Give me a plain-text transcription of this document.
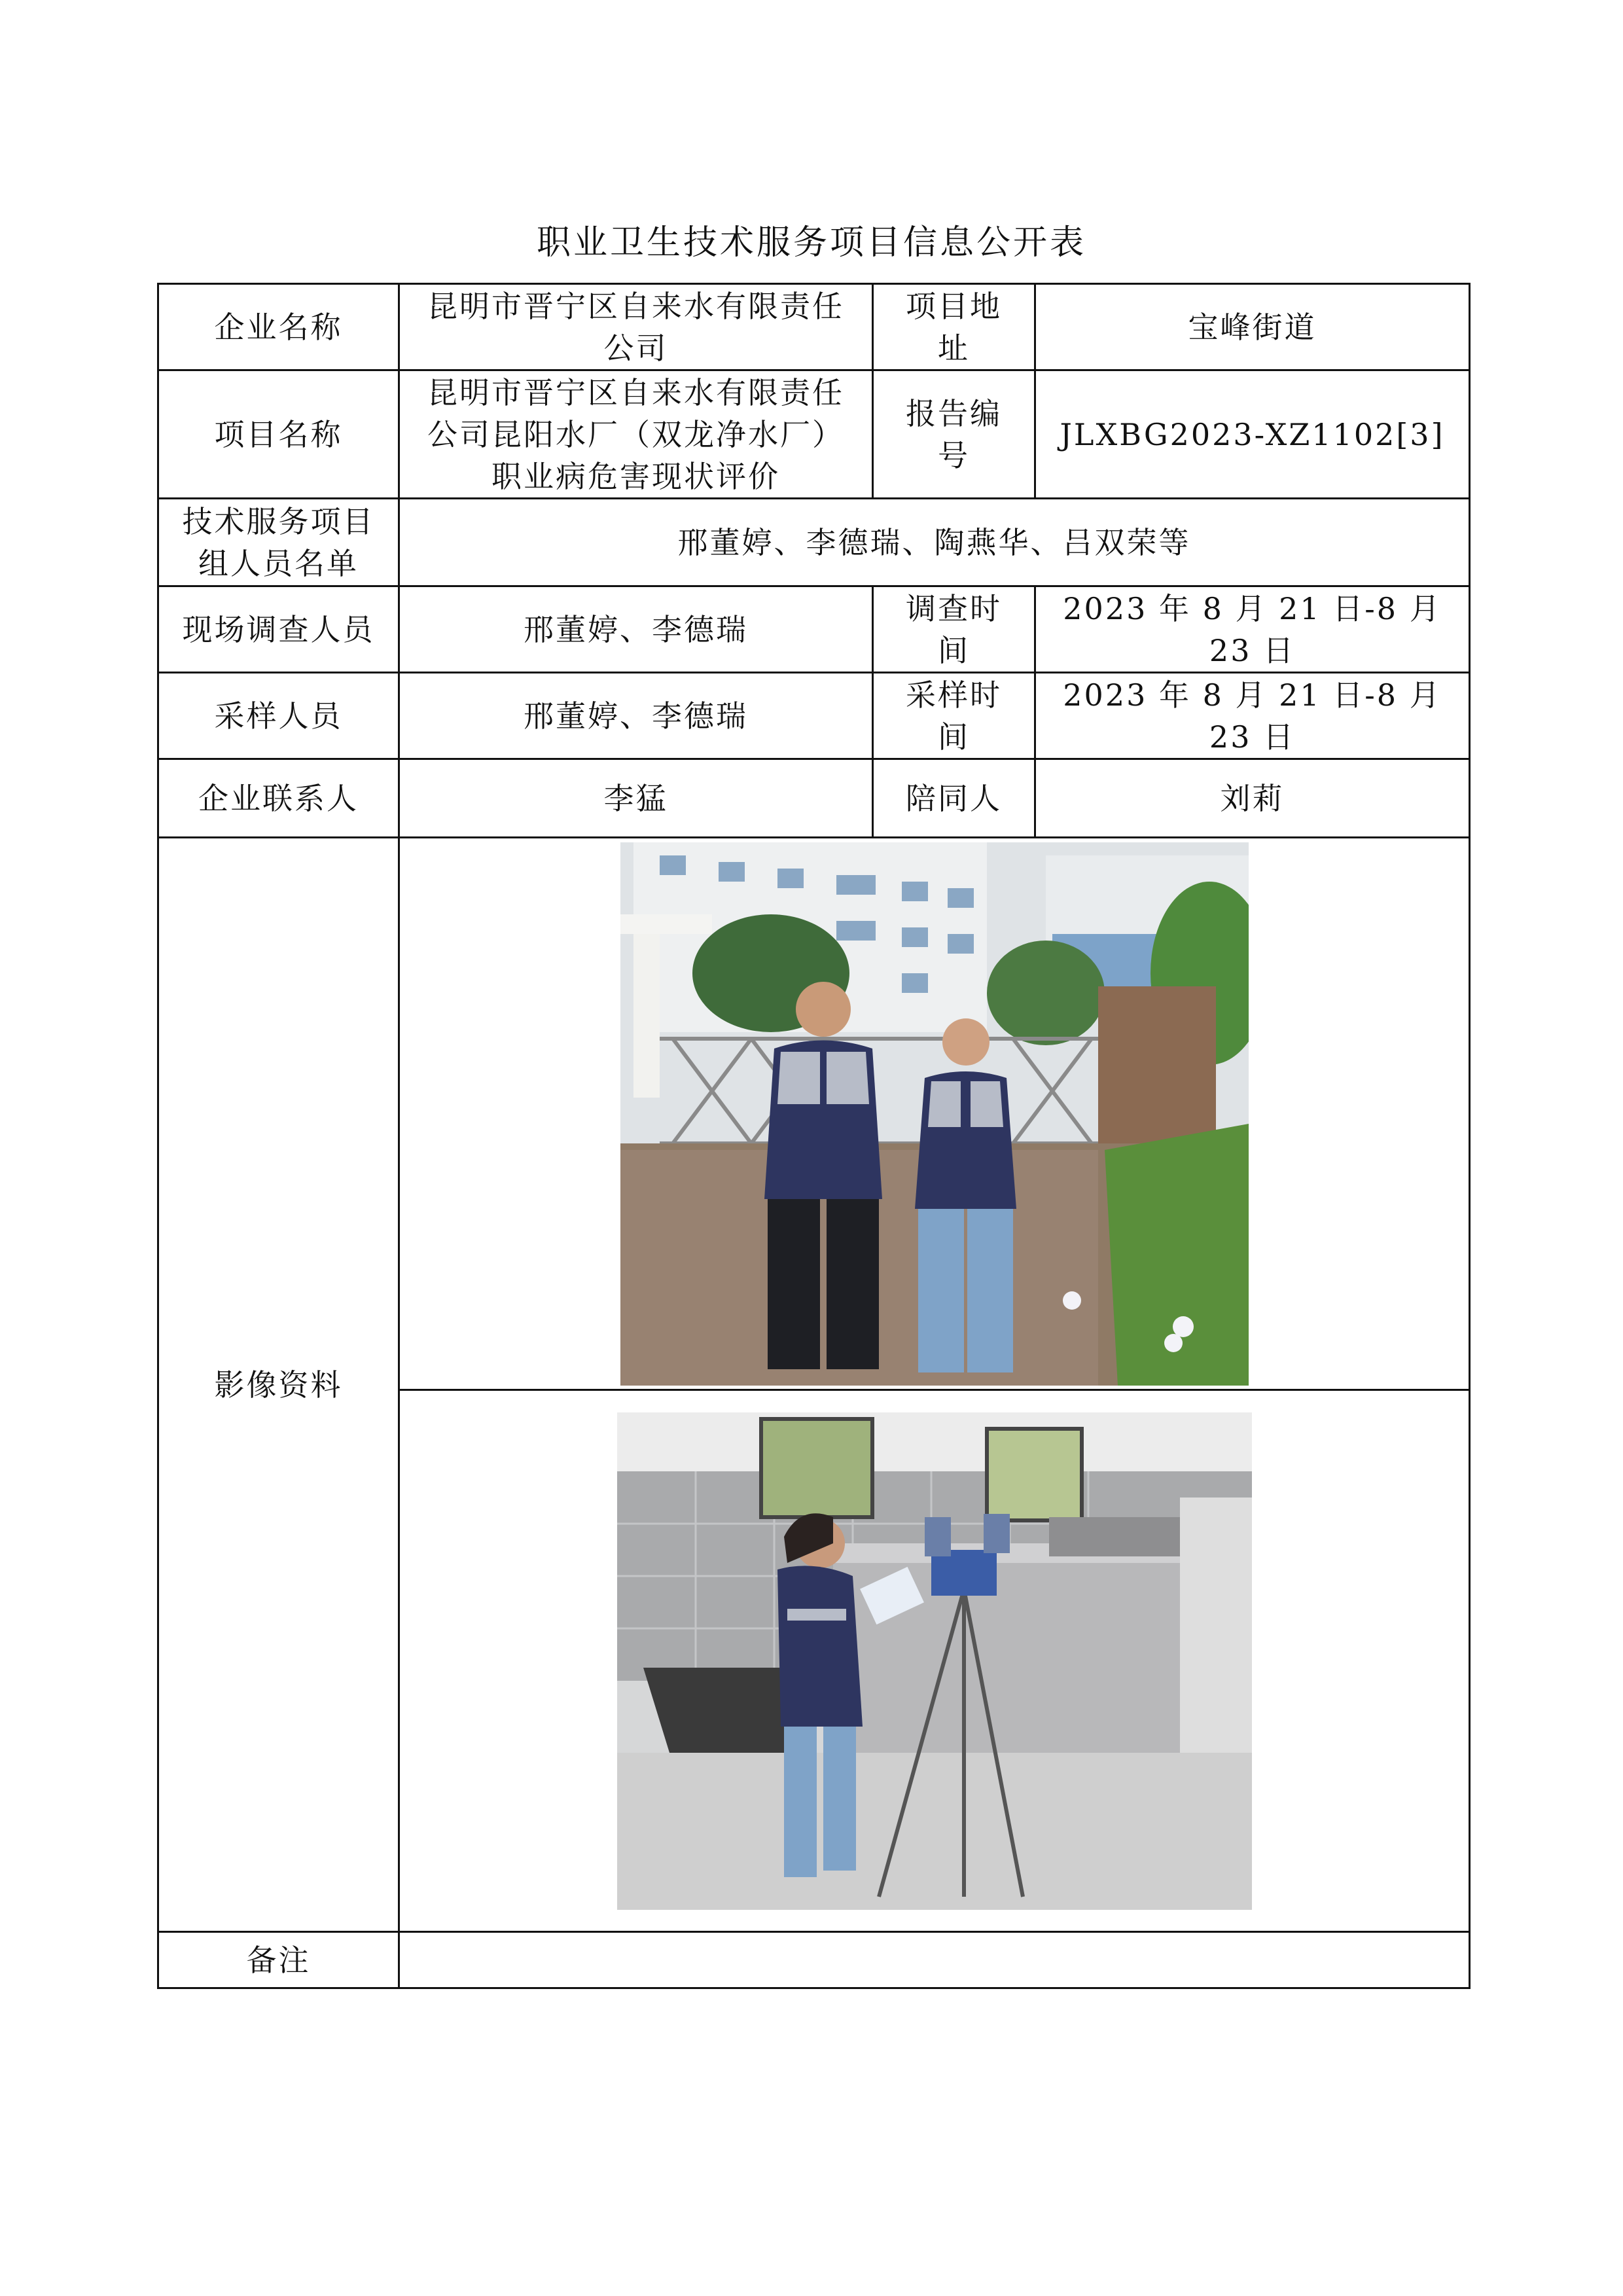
职业卫生技术服务项目信息公开表
企业名称	昆明市晋宁区自来水有限责任公司	项目地址	宝峰街道
项目名称	昆明市晋宁区自来水有限责任公司昆阳水厂（双龙净水厂）职业病危害现状评价	报告编号	JLXBG2023-XZ1102[3]
技术服务项目组人员名单	邢董婷、李德瑞、陶燕华、吕双荣等		
现场调查人员	邢董婷、李德瑞	调查时间	2023 年 8 月 21 日-8 月 23 日
采样人员	邢董婷、李德瑞	采样时间	2023 年 8 月 21 日-8 月 23 日
企业联系人	李猛	陪同人	刘莉
影像资料	

备注			
